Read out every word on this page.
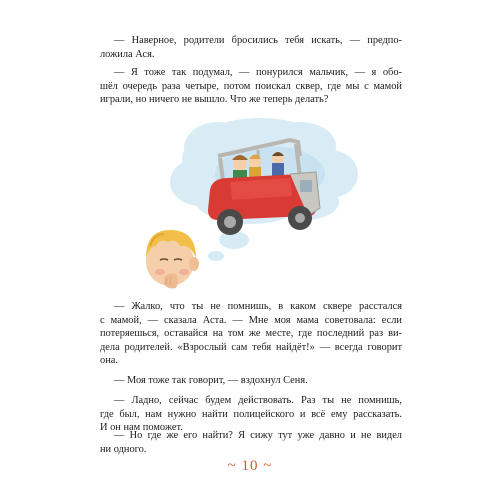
— Наверное, родители бросились тебя искать, — предпо-
ложила Ася.
— Я тоже так подумал, — понурился мальчик, — я обо-
шёл очередь раза четыре, потом поискал сквер, где мы с мамой
играли, но ничего не вышло. Что же теперь делать?
— Жалко, что ты не помнишь, в каком сквере расстался
с мамой, — сказала Аста. — Мне моя мама советовала: если
потеряешься, оставайся на том же месте, где последний раз ви-
дела родителей. «Взрослый сам тебя найдёт!» — всегда говорит
она.
— Моя тоже так говорит, — вздохнул Сеня.
— Ладно, сейчас будем действовать. Раз ты не помнишь,
где был, нам нужно найти полицейского и всё ему рассказать.
И он нам поможет.
— Но где же его найти? Я сижу тут уже давно и не видел
ни одного.
~ 10 ~
